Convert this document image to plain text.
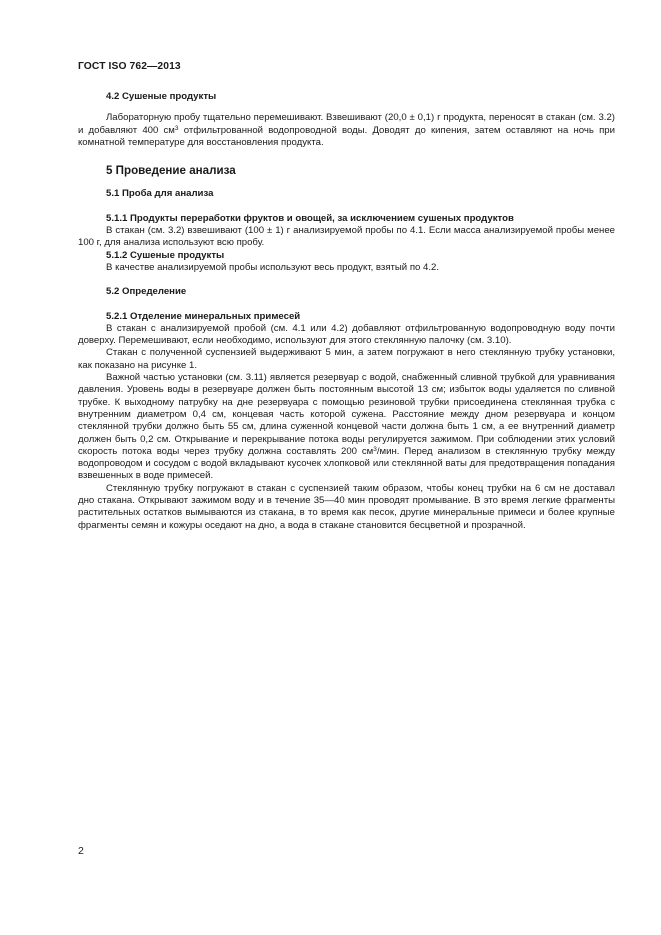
ГОСТ ISO 762—2013
4.2 Сушеные продукты

Лабораторную пробу тщательно перемешивают. Взвешивают (20,0 ± 0,1) г продукта, переносят в стакан (см. 3.2) и добавляют 400 $см^3$ отфильтрованной водопроводной воды. Доводят до кипения, затем оставляют на ночь при комнатной температуре для восстановления продукта.

5 Проведение анализа
5.1 Проба для анализа
5.1.1 Продукты переработки фруктов и овощей, за исключением сушеных продуктов

В стакан (см. 3.2) взвешивают (100 ± 1) г анализируемой пробы по 4.1. Если масса анализируемой пробы менее 100 г, для анализа используют всю пробу.

5.1.2 Сушеные продукты

В качестве анализируемой пробы используют весь продукт, взятый по 4.2.

5.2 Определение
5.2.1 Отделение минеральных примесей

В стакан с анализируемой пробой (см. 4.1 или 4.2) добавляют отфильтрованную водопроводную воду почти доверху. Перемешивают, если необходимо, используют для этого стеклянную палочку (см. 3.10).

Стакан с полученной суспензией выдерживают 5 мин, а затем погружают в него стеклянную трубку установки, как показано на рисунке 1.

Важной частью установки (см. 3.11) является резервуар с водой, снабженный сливной трубкой для уравнивания давления. Уровень воды в резервуаре должен быть постоянным высотой 13 см; избыток воды удаляется по сливной трубке. К выходному патрубку на дне резервуара с помощью резиновой трубки присоединена стеклянная трубка с внутренним диаметром 0,4 см, концевая часть которой сужена. Расстояние между дном резервуара и концом стеклянной трубки должно быть 55 см, длина суженной концевой части должна быть 1 см, а ее внутренний диаметр должен быть 0,2 см. Открывание и перекрывание потока воды регулируется зажимом. При соблюдении этих условий скорость потока воды через трубку должна составлять 200 $см^3$/мин. Перед анализом в стеклянную трубку между водопроводом и сосудом с водой вкладывают кусочек хлопковой или стеклянной ваты для предотвращения попадания взвешенных в воде примесей.

Стеклянную трубку погружают в стакан с суспензией таким образом, чтобы конец трубки на 6 см не доставал дно стакана. Открывают зажимом воду и в течение 35—40 мин проводят промывание. В это время легкие фрагменты растительных остатков вымываются из стакана, в то время как песок, другие минеральные примеси и более крупные фрагменты семян и кожуры оседают на дно, а вода в стакане становится бесцветной и прозрачной.

2
